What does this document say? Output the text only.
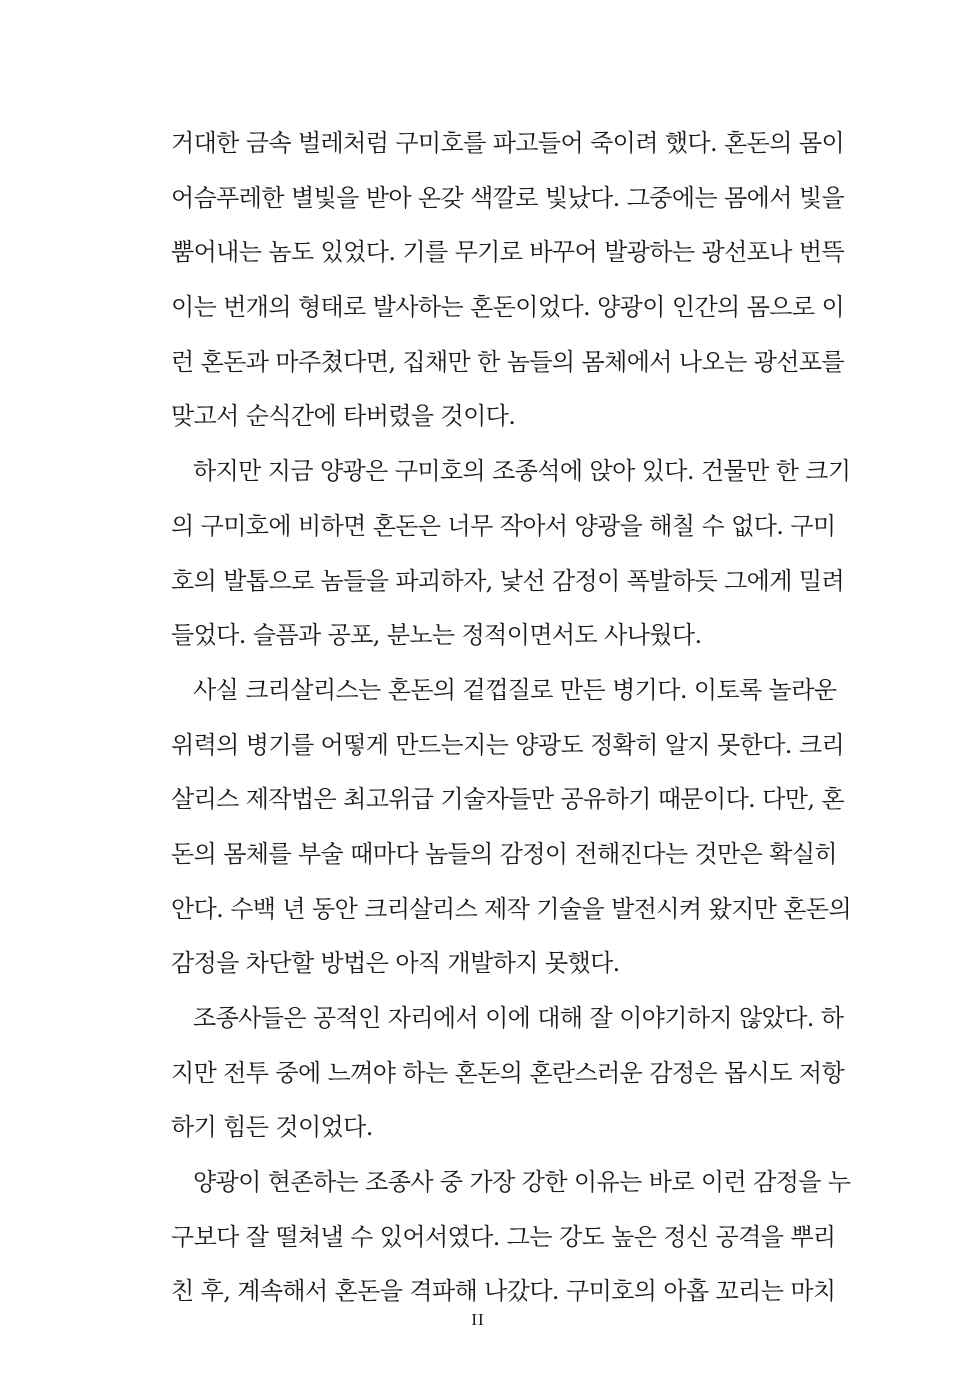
거대한 금속 벌레처럼 구미호를 파고들어 죽이려 했다. 혼돈의 몸이
어슴푸레한 별빛을 받아 온갖 색깔로 빛났다. 그중에는 몸에서 빛을
뿜어내는 놈도 있었다. 기를 무기로 바꾸어 발광하는 광선포나 번뜩
이는 번개의 형태로 발사하는 혼돈이었다. 양광이 인간의 몸으로 이
런 혼돈과 마주쳤다면, 집채만 한 놈들의 몸체에서 나오는 광선포를
맞고서 순식간에 타버렸을 것이다.
하지만 지금 양광은 구미호의 조종석에 앉아 있다. 건물만 한 크기
의 구미호에 비하면 혼돈은 너무 작아서 양광을 해칠 수 없다. 구미
호의 발톱으로 놈들을 파괴하자, 낯선 감정이 폭발하듯 그에게 밀려
들었다. 슬픔과 공포, 분노는 정적이면서도 사나웠다.
사실 크리살리스는 혼돈의 겉껍질로 만든 병기다. 이토록 놀라운
위력의 병기를 어떻게 만드는지는 양광도 정확히 알지 못한다. 크리
살리스 제작법은 최고위급 기술자들만 공유하기 때문이다. 다만, 혼
돈의 몸체를 부술 때마다 놈들의 감정이 전해진다는 것만은 확실히
안다. 수백 년 동안 크리살리스 제작 기술을 발전시켜 왔지만 혼돈의
감정을 차단할 방법은 아직 개발하지 못했다.
조종사들은 공적인 자리에서 이에 대해 잘 이야기하지 않았다. 하
지만 전투 중에 느껴야 하는 혼돈의 혼란스러운 감정은 몹시도 저항
하기 힘든 것이었다.
양광이 현존하는 조종사 중 가장 강한 이유는 바로 이런 감정을 누
구보다 잘 떨쳐낼 수 있어서였다. 그는 강도 높은 정신 공격을 뿌리
친 후, 계속해서 혼돈을 격파해 나갔다. 구미호의 아홉 꼬리는 마치
II
